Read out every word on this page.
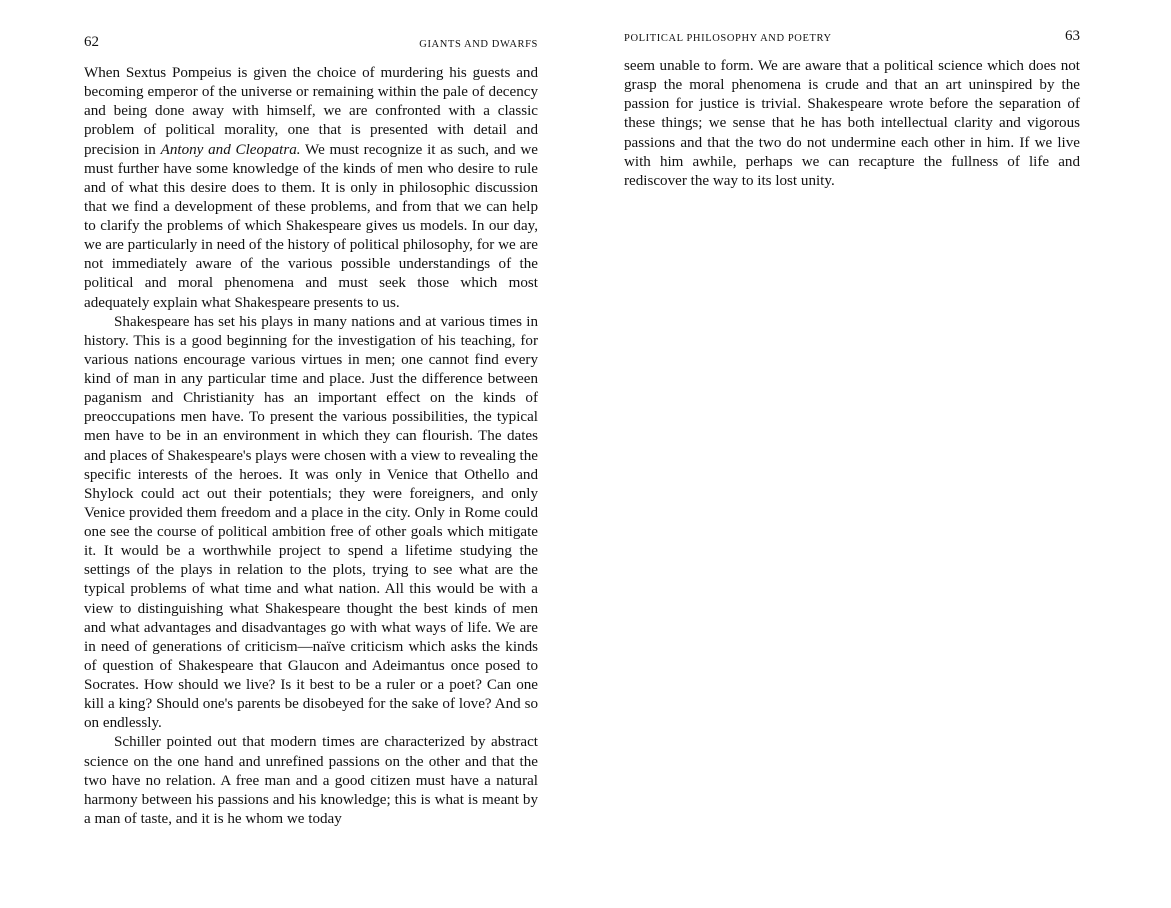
62	GIANTS AND DWARFS

When Sextus Pompeius is given the choice of murdering his guests and becoming emperor of the universe or remaining within the pale of decency and being done away with himself, we are confronted with a classic problem of political morality, one that is presented with detail and precision in Antony and Cleopatra. We must recognize it as such, and we must further have some knowledge of the kinds of men who desire to rule and of what this desire does to them. It is only in philosophic discussion that we find a development of these problems, and from that we can help to clarify the problems of which Shakespeare gives us models. In our day, we are particularly in need of the history of political philosophy, for we are not immediately aware of the various possible understandings of the political and moral phenomena and must seek those which most adequately explain what Shakespeare presents to us.

Shakespeare has set his plays in many nations and at various times in history. This is a good beginning for the investigation of his teaching, for various nations encourage various virtues in men; one cannot find every kind of man in any particular time and place. Just the difference between paganism and Christianity has an important effect on the kinds of preoccupations men have. To present the various possibilities, the typical men have to be in an environment in which they can flourish. The dates and places of Shakespeare's plays were chosen with a view to revealing the specific interests of the heroes. It was only in Venice that Othello and Shylock could act out their potentials; they were foreigners, and only Venice provided them freedom and a place in the city. Only in Rome could one see the course of political ambition free of other goals which mitigate it. It would be a worthwhile project to spend a lifetime studying the settings of the plays in relation to the plots, trying to see what are the typical problems of what time and what nation. All this would be with a view to distinguishing what Shakespeare thought the best kinds of men and what advantages and disadvantages go with what ways of life. We are in need of generations of criticism—naïve criticism which asks the kinds of question of Shakespeare that Glaucon and Adeimantus once posed to Socrates. How should we live? Is it best to be a ruler or a poet? Can one kill a king? Should one's parents be disobeyed for the sake of love? And so on endlessly.

Schiller pointed out that modern times are characterized by abstract science on the one hand and unrefined passions on the other and that the two have no relation. A free man and a good citizen must have a natural harmony between his passions and his knowledge; this is what is meant by a man of taste, and it is he whom we today

POLITICAL PHILOSOPHY AND POETRY	63

seem unable to form. We are aware that a political science which does not grasp the moral phenomena is crude and that an art uninspired by the passion for justice is trivial. Shakespeare wrote before the separation of these things; we sense that he has both intellectual clarity and vigorous passions and that the two do not undermine each other in him. If we live with him awhile, perhaps we can recapture the fullness of life and rediscover the way to its lost unity.
